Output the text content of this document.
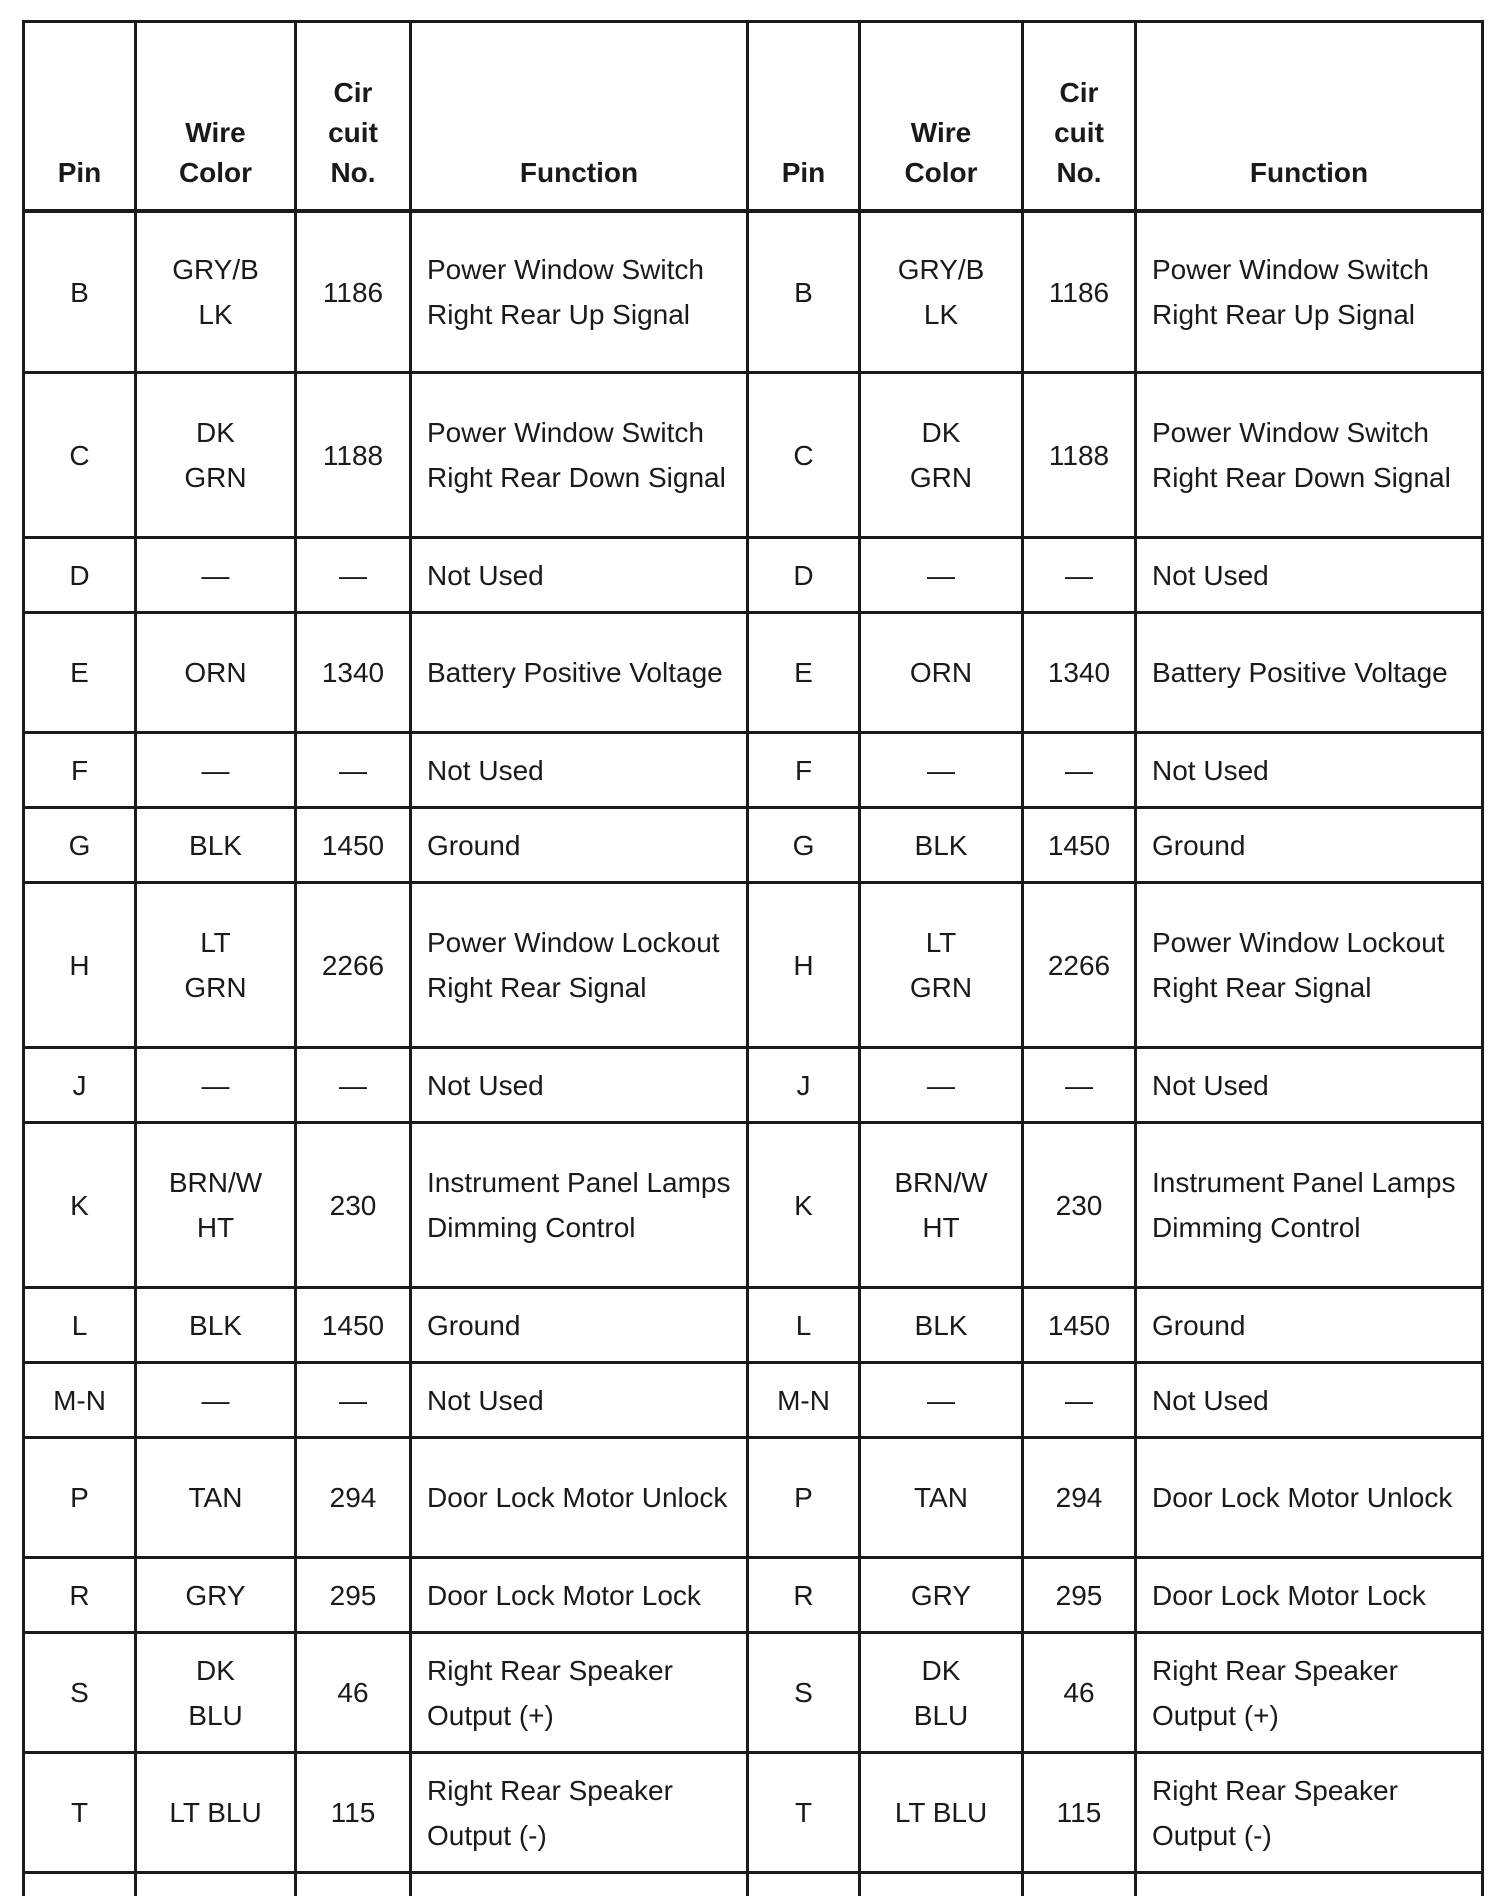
Pin	Wire Color	Cir cuit No.	Function	Pin	Wire Color	Cir cuit No.	Function
B	GRY/B LK	1186	Power Window Switch Right Rear Up Signal	B	GRY/B LK	1186	Power Window Switch Right Rear Up Signal
C	DK GRN	1188	Power Window Switch Right Rear Down Signal	C	DK GRN	1188	Power Window Switch Right Rear Down Signal
D	—	—	Not Used	D	—	—	Not Used
E	ORN	1340	Battery Positive Voltage	E	ORN	1340	Battery Positive Voltage
F	—	—	Not Used	F	—	—	Not Used
G	BLK	1450	Ground	G	BLK	1450	Ground
H	LT GRN	2266	Power Window Lockout Right Rear Signal	H	LT GRN	2266	Power Window Lockout Right Rear Signal
J	—	—	Not Used	J	—	—	Not Used
K	BRN/W HT	230	Instrument Panel Lamps Dimming Control	K	BRN/W HT	230	Instrument Panel Lamps Dimming Control
L	BLK	1450	Ground	L	BLK	1450	Ground
M-N	—	—	Not Used	M-N	—	—	Not Used
P	TAN	294	Door Lock Motor Unlock	P	TAN	294	Door Lock Motor Unlock
R	GRY	295	Door Lock Motor Lock	R	GRY	295	Door Lock Motor Lock
S	DK BLU	46	Right Rear Speaker Output (+)	S	DK BLU	46	Right Rear Speaker Output (+)
T	LT BLU	115	Right Rear Speaker Output (-)	T	LT BLU	115	Right Rear Speaker Output (-)
